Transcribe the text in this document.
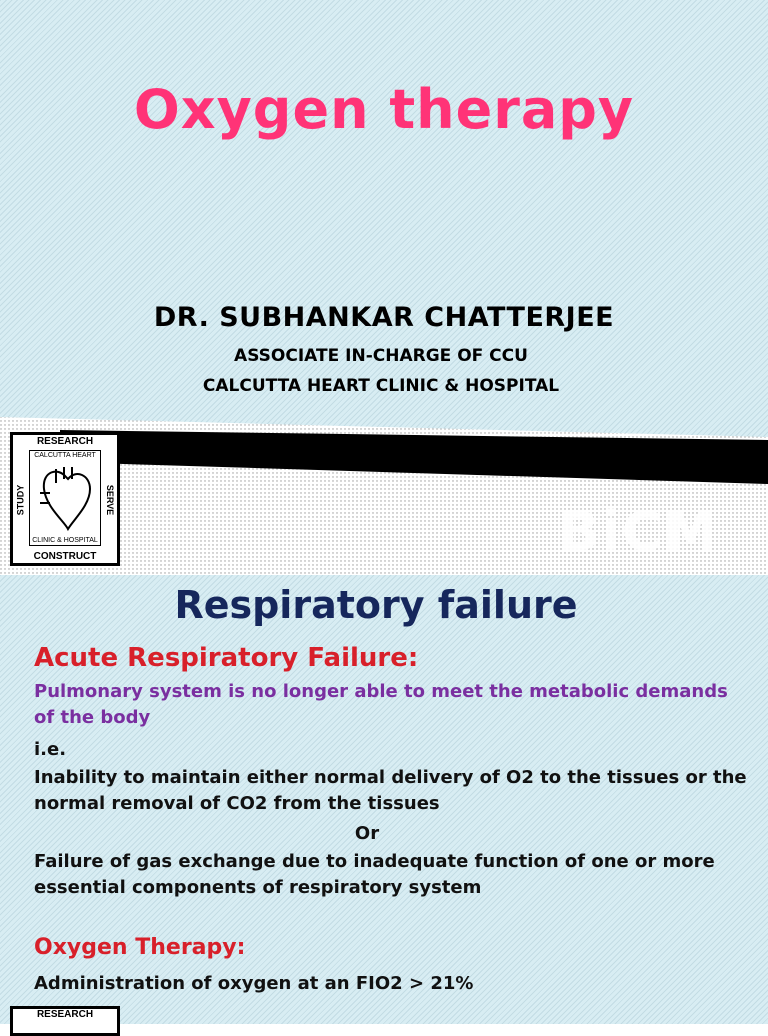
Oxygen therapy
DR. SUBHANKAR CHATTERJEE
ASSOCIATE IN-CHARGE OF CCU
CALCUTTA HEART CLINIC & HOSPITAL
RESEARCH
STUDY	SERVE
CALCUTTA HEART
CLINIC & HOSPITAL
CONSTRUCT	BiCM
Respiratory failure
Acute Respiratory Failure:
Pulmonary system is no longer able to meet the metabolic demands of the body
i.e.
Inability to maintain either normal delivery of O2 to the tissues or the normal removal of CO2 from the tissues
Or
Failure of gas exchange due to inadequate function of one or more essential components of respiratory system
Oxygen Therapy:
Administration of oxygen at an FIO2 > 21%
RESEARCH
